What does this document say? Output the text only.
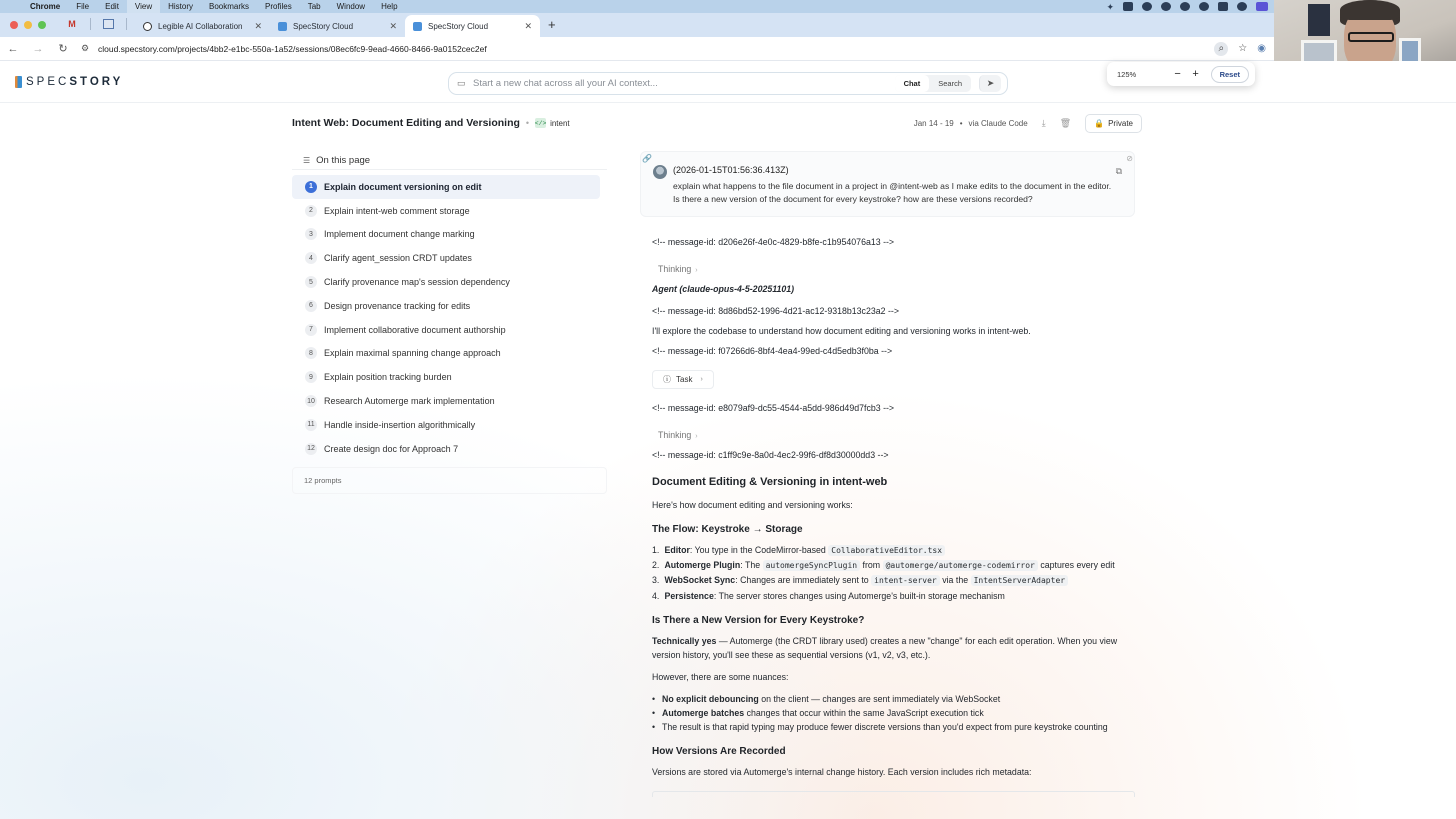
Chrome	File	Edit	View	History	Bookmarks	Profiles	Tab	Window	Help	✦
M	Legible AI Collaboration	✕	SpecStory Cloud	✕	SpecStory Cloud	✕	+
← → ↻ ⚙	cloud.specstory.com/projects/4bb2-e1bc-550a-1a52/sessions/08ec6fc9-9ead-4660-8466-9a0152cec2ef	⌕	☆ ◉
125%	−	+	Reset
SPECSTORY	▭
Start a new chat across all your AI context...	Chat	Search	➤
Intent Web: Document Editing and Versioning • </> intent	Jan 14 - 19 • via Claude Code ⤓ 🗑	🔒 Private
☰ On this page
1	Explain document versioning on edit
2	Explain intent-web comment storage
3	Implement document change marking
4	Clarify agent_session CRDT updates
5	Clarify provenance map's session dependency
6	Design provenance tracking for edits
7	Implement collaborative document authorship
8	Explain maximal spanning change approach
9	Explain position tracking burden
10 Research Automerge mark implementation
11 Handle inside-insertion algorithmically
12 Create design doc for Approach 7
12 prompts
🔗	⊘
(2026-01-15T01:56:36.413Z)	⧉
explain what happens to the file document in a project in @intent-web as I make edits to the document in the editor. Is there a new version of the document for every keystroke? how are these versions recorded?
<!-- message-id: d206e26f-4e0c-4829-b8fe-c1b954076a13 -->
Thinking ›
Agent (claude-opus-4-5-20251101)
<!-- message-id: 8d86bd52-1996-4d21-ac12-9318b13c23a2 -->
I'll explore the codebase to understand how document editing and versioning works in intent-web.
<!-- message-id: f07266d6-8bf4-4ea4-99ed-c4d5edb3f0ba -->
ⓘ Task ›
<!-- message-id: e8079af9-dc55-4544-a5dd-986d49d7fcb3 -->
Thinking ›
<!-- message-id: c1ff9c9e-8a0d-4ec2-99f6-df8d30000dd3 -->
Document Editing & Versioning in intent-web
Here's how document editing and versioning works:
The Flow: Keystroke → Storage
1. Editor: You type in the CodeMirror-based CollaborativeEditor.tsx
2. Automerge Plugin: The automergeSyncPlugin from @automerge/automerge-codemirror captures every edit
3. WebSocket Sync: Changes are immediately sent to intent-server via the IntentServerAdapter
4. Persistence: The server stores changes using Automerge's built-in storage mechanism
Is There a New Version for Every Keystroke?
Technically yes — Automerge (the CRDT library used) creates a new "change" for each edit operation. When you view version history, you'll see these as sequential versions (v1, v2, v3, etc.).
However, there are some nuances:
• No explicit debouncing on the client — changes are sent immediately via WebSocket
• Automerge batches changes that occur within the same JavaScript execution tick
• The result is that rapid typing may produce fewer discrete versions than you'd expect from pure keystroke counting
How Versions Are Recorded
Versions are stored via Automerge's internal change history. Each version includes rich metadata:
